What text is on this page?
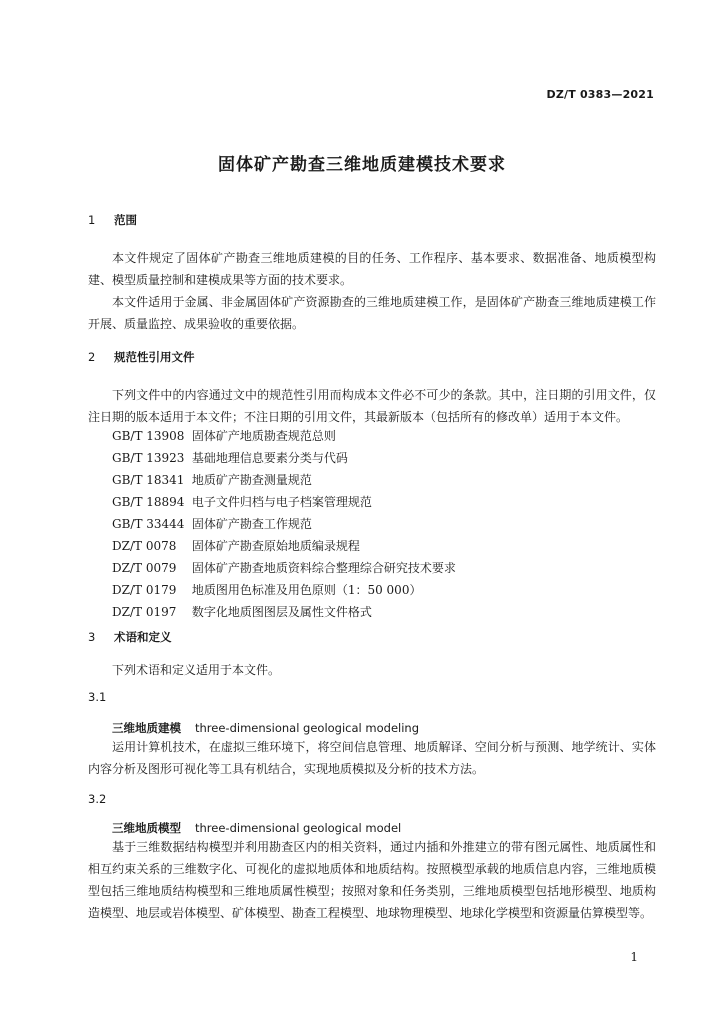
DZ/T 0383—2021
固体矿产勘查三维地质建模技术要求
1 范围
本文件规定了固体矿产勘查三维地质建模的目的任务、工作程序、基本要求、数据准备、地质模型构建、模型质量控制和建模成果等方面的技术要求。
本文件适用于金属、非金属固体矿产资源勘查的三维地质建模工作，是固体矿产勘查三维地质建模工作开展、质量监控、成果验收的重要依据。
2 规范性引用文件
下列文件中的内容通过文中的规范性引用而构成本文件必不可少的条款。其中，注日期的引用文件，仅注日期的版本适用于本文件；不注日期的引用文件，其最新版本（包括所有的修改单）适用于本文件。
GB/T 13908 固体矿产地质勘查规范总则
GB/T 13923 基础地理信息要素分类与代码
GB/T 18341 地质矿产勘查测量规范
GB/T 18894 电子文件归档与电子档案管理规范
GB/T 33444 固体矿产勘查工作规范
DZ/T 0078 固体矿产勘查原始地质编录规程
DZ/T 0079 固体矿产勘查地质资料综合整理综合研究技术要求
DZ/T 0179 地质图用色标准及用色原则（1：50 000）
DZ/T 0197 数字化地质图图层及属性文件格式
3 术语和定义
下列术语和定义适用于本文件。
3.1
三维地质建模 three-dimensional geological modeling
运用计算机技术，在虚拟三维环境下，将空间信息管理、地质解译、空间分析与预测、地学统计、实体内容分析及图形可视化等工具有机结合，实现地质模拟及分析的技术方法。
3.2
三维地质模型 three-dimensional geological model
基于三维数据结构模型并利用勘查区内的相关资料，通过内插和外推建立的带有图元属性、地质属性和相互约束关系的三维数字化、可视化的虚拟地质体和地质结构。按照模型承载的地质信息内容，三维地质模型包括三维地质结构模型和三维地质属性模型；按照对象和任务类别，三维地质模型包括地形模型、地质构造模型、地层或岩体模型、矿体模型、勘查工程模型、地球物理模型、地球化学模型和资源量估算模型等。
1
